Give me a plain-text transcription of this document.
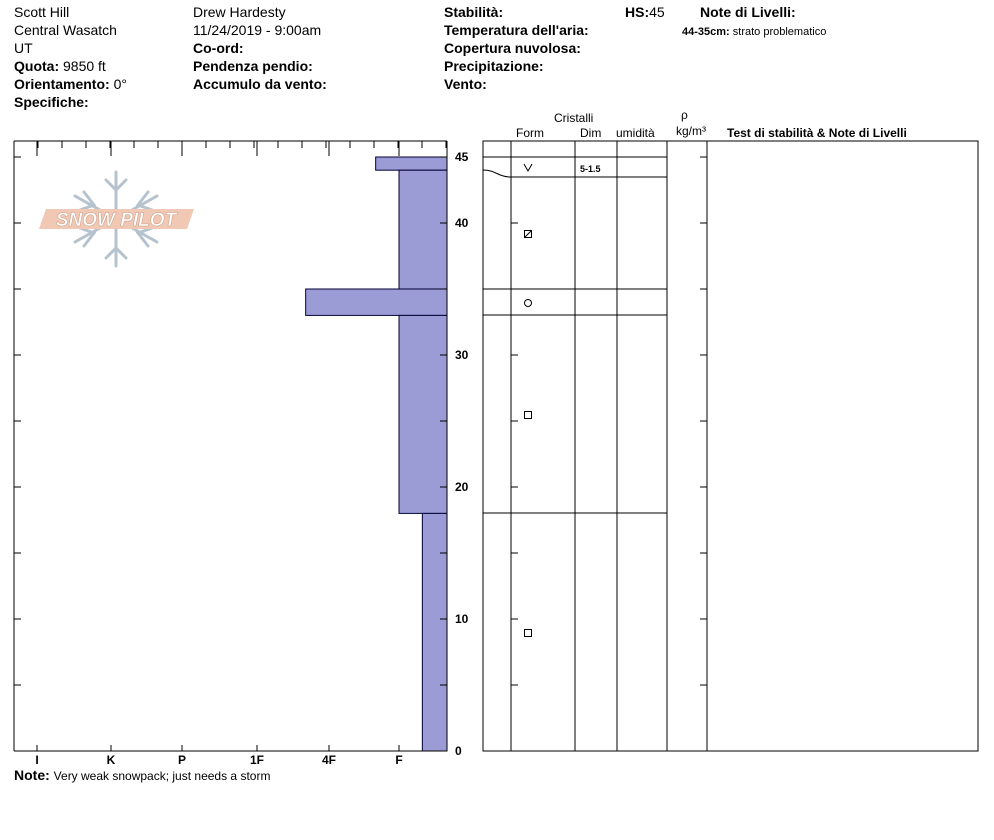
Scott Hill
Central Wasatch
UT
Quota: 9850 ft
Orientamento: 0°
Specifiche:
Drew Hardesty
11/24/2019 - 9:00am
Co-ord:
Pendenza pendio:
Accumulo da vento:
Stabilità:
Temperatura dell'aria:
Copertura nuvolosa:
Precipitazione:
Vento:
HS:45	Note di Livelli:
44-35cm: strato problematico
Cristalli
Form	Dim umidità
ρ
kg/m³ Test di stabilità & Note di Livelli
SNOW PILOT
I	K	P	1F	4F	F
0
10
20
30
40
45
5-1.5
Note: Very weak snowpack; just needs a storm
